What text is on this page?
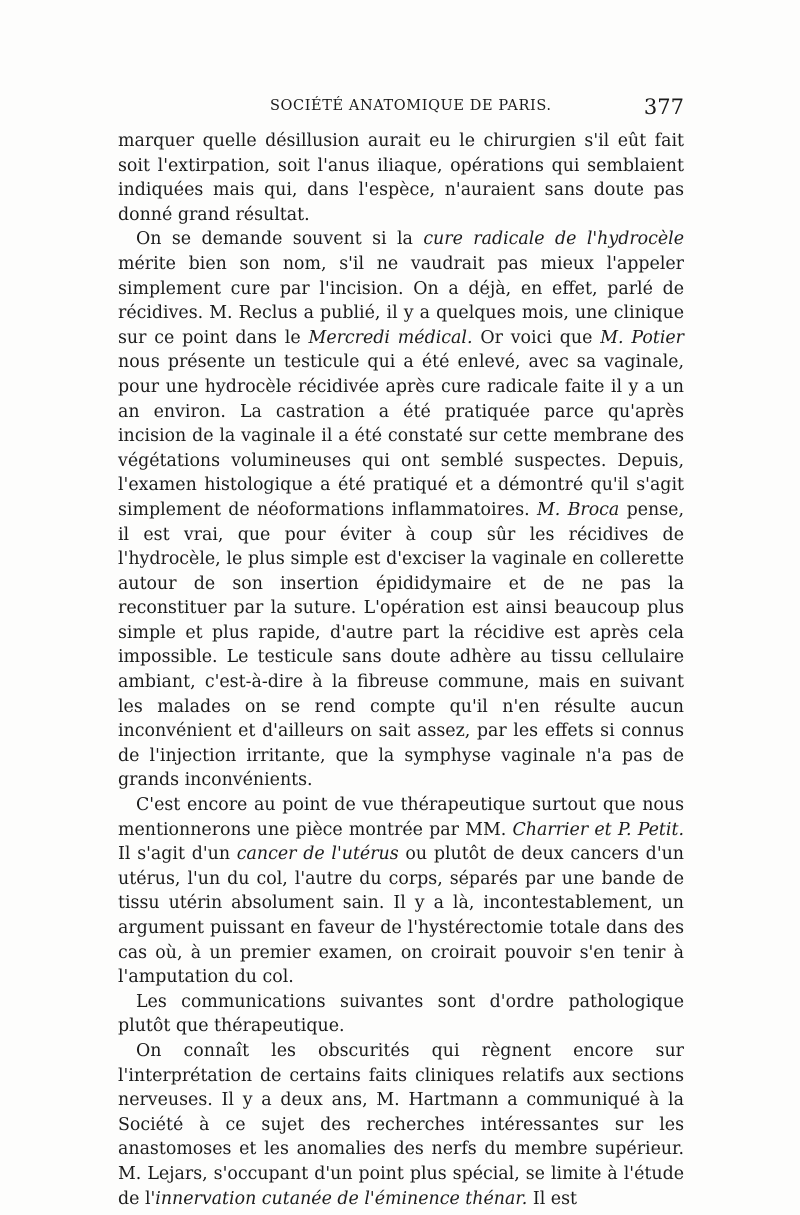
SOCIÉTÉ ANATOMIQUE DE PARIS.	377

marquer quelle désillusion aurait eu le chirurgien s'il eût fait soit l'extirpation, soit l'anus iliaque, opérations qui semblaient indiquées mais qui, dans l'espèce, n'auraient sans doute pas donné grand résultat.

On se demande souvent si la cure radicale de l'hydrocèle mérite bien son nom, s'il ne vaudrait pas mieux l'appeler simplement cure par l'incision. On a déjà, en effet, parlé de récidives. M. Reclus a publié, il y a quelques mois, une clinique sur ce point dans le Mercredi médical. Or voici que M. Potier nous présente un testicule qui a été enlevé, avec sa vaginale, pour une hydrocèle récidivée après cure radicale faite il y a un an environ. La castration a été pratiquée parce qu'après incision de la vaginale il a été constaté sur cette membrane des végétations volumineuses qui ont semblé suspectes. Depuis, l'examen histologique a été pratiqué et a démontré qu'il s'agit simplement de néoformations inflammatoires. M. Broca pense, il est vrai, que pour éviter à coup sûr les récidives de l'hydrocèle, le plus simple est d'exciser la vaginale en collerette autour de son insertion épididymaire et de ne pas la reconstituer par la suture. L'opération est ainsi beaucoup plus simple et plus rapide, d'autre part la récidive est après cela impossible. Le testicule sans doute adhère au tissu cellulaire ambiant, c'est-à-dire à la fibreuse commune, mais en suivant les malades on se rend compte qu'il n'en résulte aucun inconvénient et d'ailleurs on sait assez, par les effets si connus de l'injection irritante, que la symphyse vaginale n'a pas de grands inconvénients.

C'est encore au point de vue thérapeutique surtout que nous mentionnerons une pièce montrée par MM. Charrier et P. Petit. Il s'agit d'un cancer de l'utérus ou plutôt de deux cancers d'un utérus, l'un du col, l'autre du corps, séparés par une bande de tissu utérin absolument sain. Il y a là, incontestablement, un argument puissant en faveur de l'hystérectomie totale dans des cas où, à un premier examen, on croirait pouvoir s'en tenir à l'amputation du col.

Les communications suivantes sont d'ordre pathologique plutôt que thérapeutique.

On connaît les obscurités qui règnent encore sur l'interprétation de certains faits cliniques relatifs aux sections nerveuses. Il y a deux ans, M. Hartmann a communiqué à la Société à ce sujet des recherches intéressantes sur les anastomoses et les anomalies des nerfs du membre supérieur. M. Lejars, s'occupant d'un point plus spécial, se limite à l'étude de l'innervation cutanée de l'éminence thénar. Il est
